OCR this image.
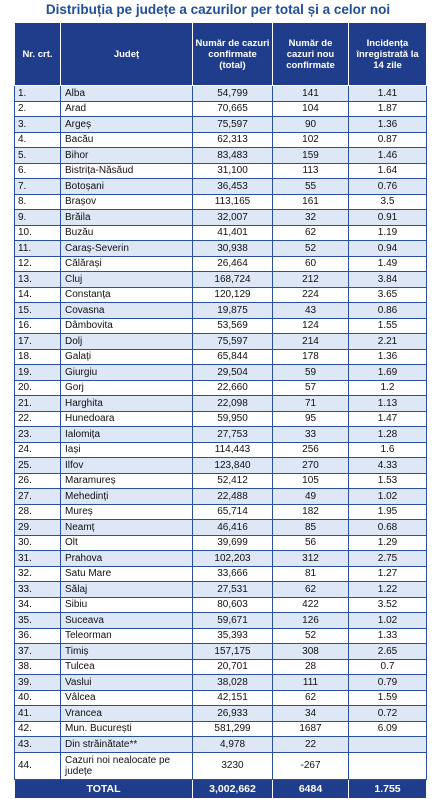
Distribuția pe județe a cazurilor per total și a celor noi
Nr. crt.	Județ	Număr de cazuri confirmate (total)	Număr de cazuri nou confirmate	Incidența înregistrată la 14 zile
1.	Alba	54,799	141	1.41
2.	Arad	70,665	104	1.87
3.	Argeș	75,597	90	1.36
4.	Bacău	62,313	102	0.87
5.	Bihor	83,483	159	1.46
6.	Bistrița-Năsăud	31,100	113	1.64
7.	Botoșani	36,453	55	0.76
8.	Brașov	113,165	161	3.5
9.	Brăila	32,007	32	0.91
10.	Buzău	41,401	62	1.19
11.	Caraș-Severin	30,938	52	0.94
12.	Călărași	26,464	60	1.49
13.	Cluj	168,724	212	3.84
14.	Constanța	120,129	224	3.65
15.	Covasna	19,875	43	0.86
16.	Dâmbovita	53,569	124	1.55
17.	Dolj	75,597	214	2.21
18.	Galați	65,844	178	1.36
19.	Giurgiu	29,504	59	1.69
20.	Gorj	22,660	57	1.2
21.	Harghita	22,098	71	1.13
22.	Hunedoara	59,950	95	1.47
23.	Ialomița	27,753	33	1.28
24.	Iași	114,443	256	1.6
25.	Ilfov	123,840	270	4.33
26.	Maramureș	52,412	105	1.53
27.	Mehedinți	22,488	49	1.02
28.	Mureș	65,714	182	1.95
29.	Neamț	46,416	85	0.68
30.	Olt	39,699	56	1.29
31.	Prahova	102,203	312	2.75
32.	Satu Mare	33,666	81	1.27
33.	Sălaj	27,531	62	1.22
34.	Sibiu	80,603	422	3.52
35.	Suceava	59,671	126	1.02
36.	Teleorman	35,393	52	1.33
37.	Timiș	157,175	308	2.65
38.	Tulcea	20,701	28	0.7
39.	Vaslui	38,028	111	0.79
40.	Vâlcea	42,151	62	1.59
41.	Vrancea	26,933	34	0.72
42.	Mun. București	581,299	1687	6.09
43.	Din străinătate**	4,978	22	
44.	Cazuri noi nealocate pe județe	3230	-267	
TOTAL		3,002,662	6484	1.755
